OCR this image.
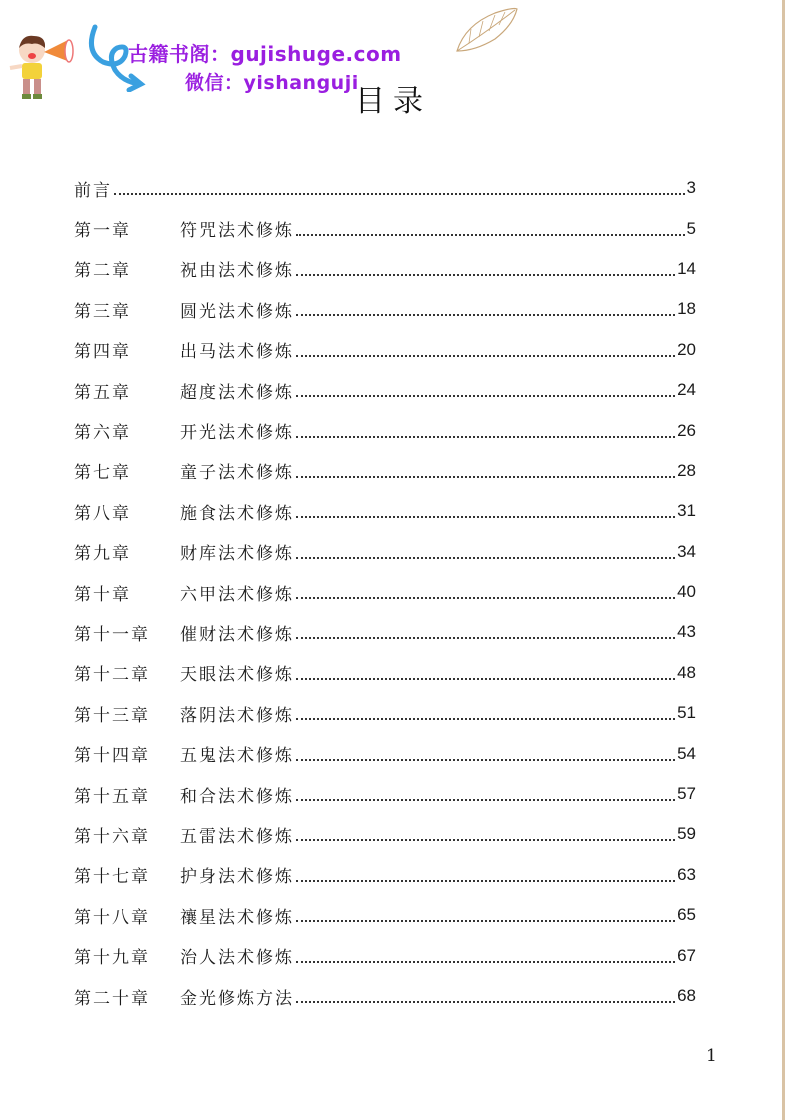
古籍书阁：gujishuge.com
微信：yishanguji
目录
前言	3
第一章	符咒法术修炼	5
第二章	祝由法术修炼	14
第三章	圆光法术修炼	18
第四章	出马法术修炼	20
第五章	超度法术修炼	24
第六章	开光法术修炼	26
第七章	童子法术修炼	28
第八章	施食法术修炼	31
第九章	财库法术修炼	34
第十章	六甲法术修炼	40
第十一章	催财法术修炼	43
第十二章	天眼法术修炼	48
第十三章	落阴法术修炼	51
第十四章	五鬼法术修炼	54
第十五章	和合法术修炼	57
第十六章	五雷法术修炼	59
第十七章	护身法术修炼	63
第十八章	禳星法术修炼	65
第十九章	治人法术修炼	67
第二十章	金光修炼方法	68
1
